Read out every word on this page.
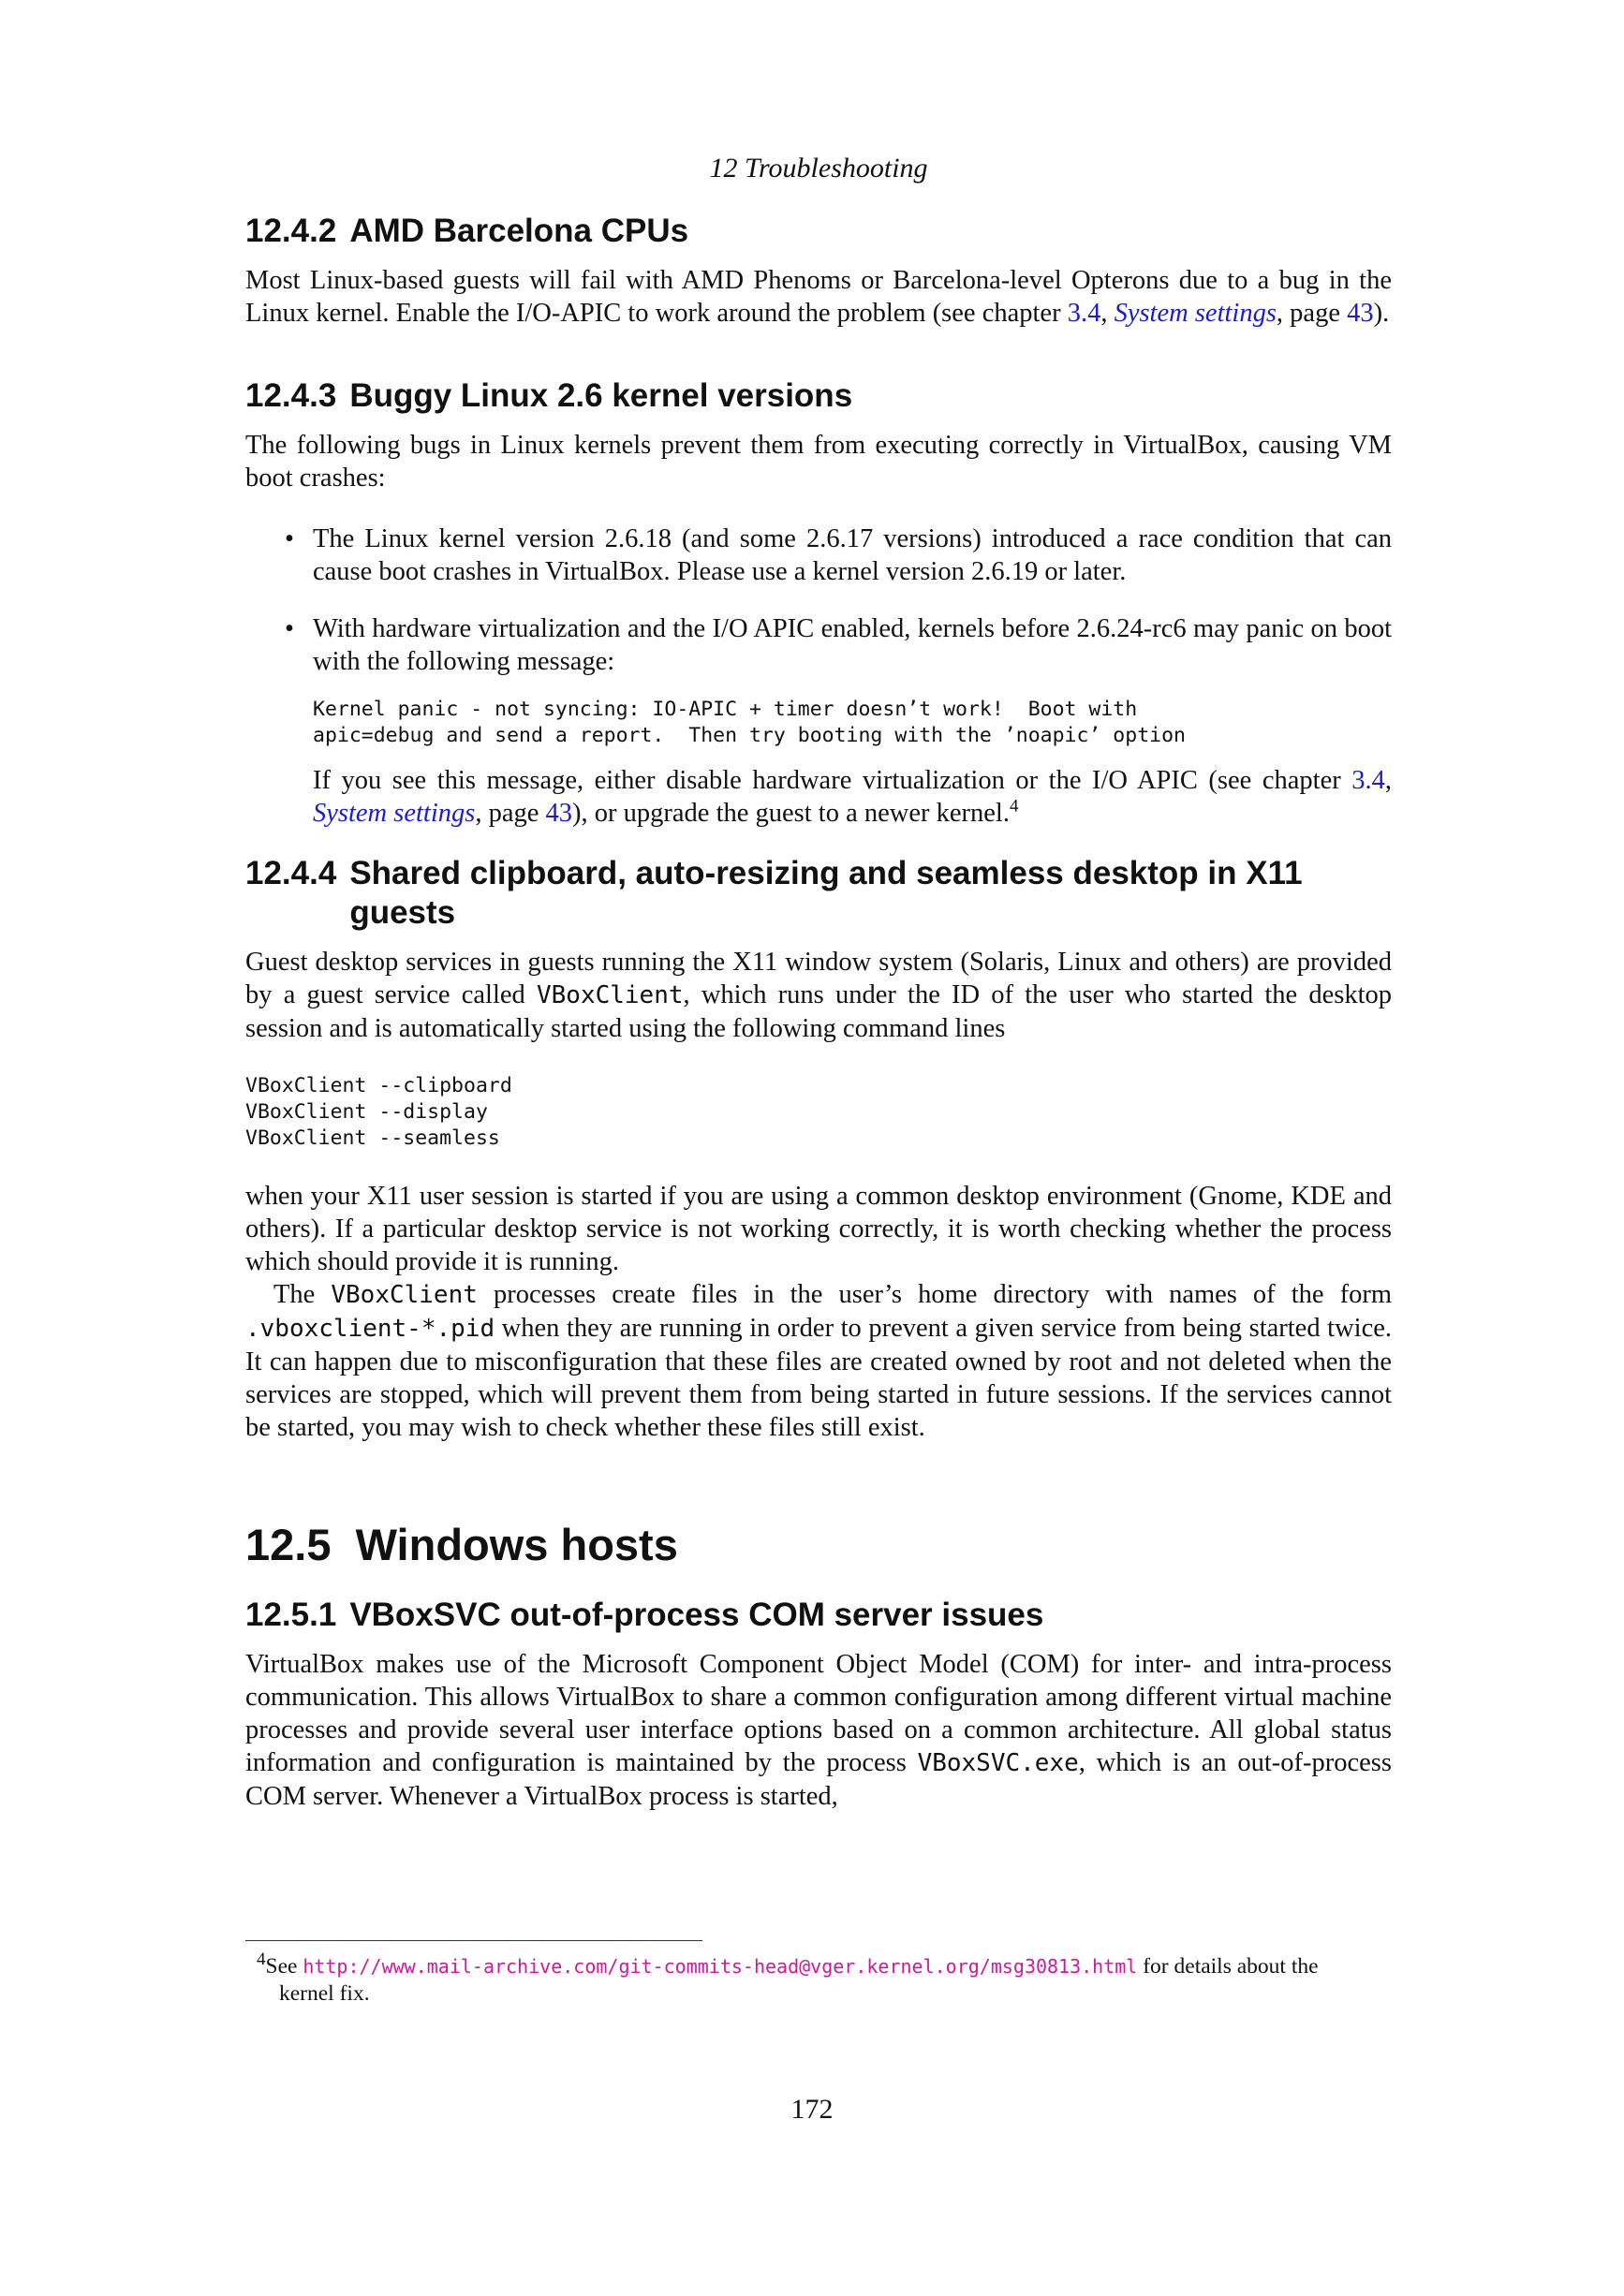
12 Troubleshooting
12.4.2 AMD Barcelona CPUs

Most Linux-based guests will fail with AMD Phenoms or Barcelona-level Opterons due to a bug in the Linux kernel. Enable the I/O-APIC to work around the problem (see chapter 3.4, System settings, page 43).

12.4.3 Buggy Linux 2.6 kernel versions

The following bugs in Linux kernels prevent them from executing correctly in VirtualBox, causing VM boot crashes:

• The Linux kernel version 2.6.18 (and some 2.6.17 versions) introduced a race condition that can cause boot crashes in VirtualBox. Please use a kernel version 2.6.19 or later.

• With hardware virtualization and the I/O APIC enabled, kernels before 2.6.24-rc6 may panic on boot with the following message:

Kernel panic - not syncing: IO-APIC + timer doesn’t work!  Boot with
apic=debug and send a report.  Then try booting with the ’noapic’ option

If you see this message, either disable hardware virtualization or the I/O APIC (see chapter 3.4, System settings, page 43), or upgrade the guest to a newer kernel.$^4$

12.4.4 Shared clipboard, auto-resizing and seamless desktop in X11 guests

Guest desktop services in guests running the X11 window system (Solaris, Linux and others) are provided by a guest service called VBoxClient, which runs under the ID of the user who started the desktop session and is automatically started using the following command lines

VBoxClient --clipboard
VBoxClient --display
VBoxClient --seamless

when your X11 user session is started if you are using a common desktop environment (Gnome, KDE and others). If a particular desktop service is not working correctly, it is worth checking whether the process which should provide it is running.

The VBoxClient processes create files in the user’s home directory with names of the form .vboxclient-*.pid when they are running in order to prevent a given service from being started twice. It can happen due to misconfiguration that these files are created owned by root and not deleted when the services are stopped, which will prevent them from being started in future sessions. If the services cannot be started, you may wish to check whether these files still exist.

12.5 Windows hosts
12.5.1 VBoxSVC out-of-process COM server issues

VirtualBox makes use of the Microsoft Component Object Model (COM) for inter- and intra-process communication. This allows VirtualBox to share a common configuration among different virtual machine processes and provide several user interface options based on a common architecture. All global status information and configuration is maintained by the process VBoxSVC.exe, which is an out-of-process COM server. Whenever a VirtualBox process is started,

$^4$See http://www.mail-archive.com/git-commits-head@vger.kernel.org/msg30813.html for details about the
kernel fix.
172
